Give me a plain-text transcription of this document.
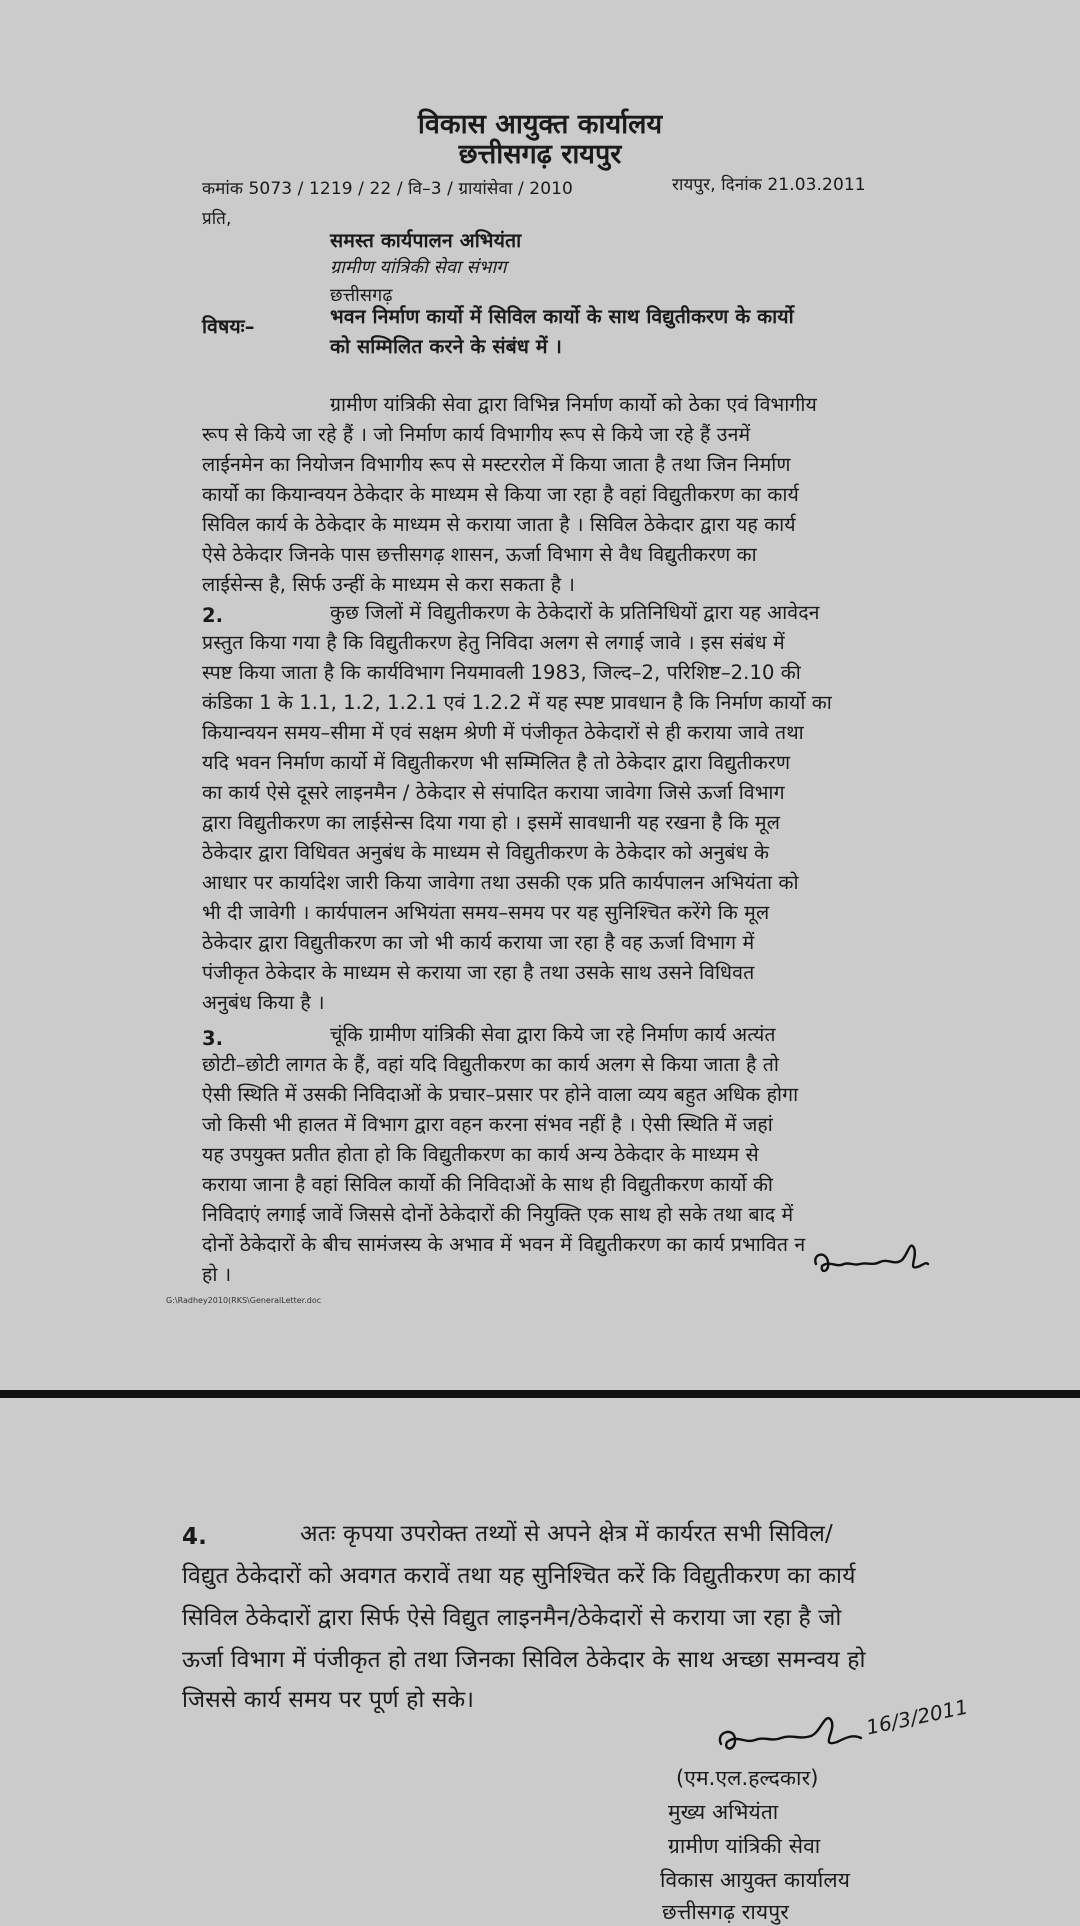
विकास आयुक्त कार्यालय
छत्तीसगढ़ रायपुर
कमांक 5073 / 1219 / 22 / वि–3 / ग्रायांसेवा / 2010	रायपुर, दिनांक 21.03.2011
प्रति,
समस्त कार्यपालन अभियंता
ग्रामीण यांत्रिकी सेवा संभाग
छत्तीसगढ़
विषयः–	भवन निर्माण कार्यो में सिविल कार्यो के साथ विद्युतीकरण के कार्यो
को सम्मिलित करने के संबंध में ।
ग्रामीण यांत्रिकी सेवा द्वारा विभिन्न निर्माण कार्यो को ठेका एवं विभागीय
रूप से किये जा रहे हैं । जो निर्माण कार्य विभागीय रूप से किये जा रहे हैं उनमें
लाईनमेन का नियोजन विभागीय रूप से मस्टररोल में किया जाता है तथा जिन निर्माण
कार्यो का कियान्वयन ठेकेदार के माध्यम से किया जा रहा है वहां विद्युतीकरण का कार्य
सिविल कार्य के ठेकेदार के माध्यम से कराया जाता है । सिविल ठेकेदार द्वारा यह कार्य
ऐसे ठेकेदार जिनके पास छत्तीसगढ़ शासन, ऊर्जा विभाग से वैध विद्युतीकरण का
लाईसेन्स है, सिर्फ उन्हीं के माध्यम से करा सकता है ।
2.	कुछ जिलों में विद्युतीकरण के ठेकेदारों के प्रतिनिधियों द्वारा यह आवेदन
प्रस्तुत किया गया है कि विद्युतीकरण हेतु निविदा अलग से लगाई जावे । इस संबंध में
स्पष्ट किया जाता है कि कार्यविभाग नियमावली 1983, जिल्द–2, परिशिष्ट–2.10 की
कंडिका 1 के 1.1, 1.2, 1.2.1 एवं 1.2.2 में यह स्पष्ट प्रावधान है कि निर्माण कार्यो का
कियान्वयन समय–सीमा में एवं सक्षम श्रेणी में पंजीकृत ठेकेदारों से ही कराया जावे तथा
यदि भवन निर्माण कार्यो में विद्युतीकरण भी सम्मिलित है तो ठेकेदार द्वारा विद्युतीकरण
का कार्य ऐसे दूसरे लाइनमैन / ठेकेदार से संपादित कराया जावेगा जिसे ऊर्जा विभाग
द्वारा विद्युतीकरण का लाईसेन्स दिया गया हो । इसमें सावधानी यह रखना है कि मूल
ठेकेदार द्वारा विधिवत अनुबंध के माध्यम से विद्युतीकरण के ठेकेदार को अनुबंध के
आधार पर कार्यादेश जारी किया जावेगा तथा उसकी एक प्रति कार्यपालन अभियंता को
भी दी जावेगी । कार्यपालन अभियंता समय–समय पर यह सुनिश्चित करेंगे कि मूल
ठेकेदार द्वारा विद्युतीकरण का जो भी कार्य कराया जा रहा है वह ऊर्जा विभाग में
पंजीकृत ठेकेदार के माध्यम से कराया जा रहा है तथा उसके साथ उसने विधिवत
अनुबंध किया है ।
3.	चूंकि ग्रामीण यांत्रिकी सेवा द्वारा किये जा रहे निर्माण कार्य अत्यंत
छोटी–छोटी लागत के हैं, वहां यदि विद्युतीकरण का कार्य अलग से किया जाता है तो
ऐसी स्थिति में उसकी निविदाओं के प्रचार–प्रसार पर होने वाला व्यय बहुत अधिक होगा
जो किसी भी हालत में विभाग द्वारा वहन करना संभव नहीं है । ऐसी स्थिति में जहां
यह उपयुक्त प्रतीत होता हो कि विद्युतीकरण का कार्य अन्य ठेकेदार के माध्यम से
कराया जाना है वहां सिविल कार्यो की निविदाओं के साथ ही विद्युतीकरण कार्यो की
निविदाएं लगाई जावें जिससे दोनों ठेकेदारों की नियुक्ति एक साथ हो सके तथा बाद में
दोनों ठेकेदारों के बीच सामंजस्य के अभाव में भवन में विद्युतीकरण का कार्य प्रभावित न
हो ।
G:\Radhey2010(RKS\GeneralLetter.doc
4.	अतः कृपया उपरोक्त तथ्यों से अपने क्षेत्र में कार्यरत सभी सिविल/
विद्युत ठेकेदारों को अवगत करावें तथा यह सुनिश्चित करें कि विद्युतीकरण का कार्य
सिविल ठेकेदारों द्वारा सिर्फ ऐसे विद्युत लाइनमैन/ठेकेदारों से कराया जा रहा है जो
ऊर्जा विभाग में पंजीकृत हो तथा जिनका सिविल ठेकेदार के साथ अच्छा समन्वय हो
जिससे कार्य समय पर पूर्ण हो सके।	16/3/2011
(एम.एल.हल्दकार)
मुख्य अभियंता
ग्रामीण यांत्रिकी सेवा
विकास आयुक्त कार्यालय
छत्तीसगढ़ रायपुर
